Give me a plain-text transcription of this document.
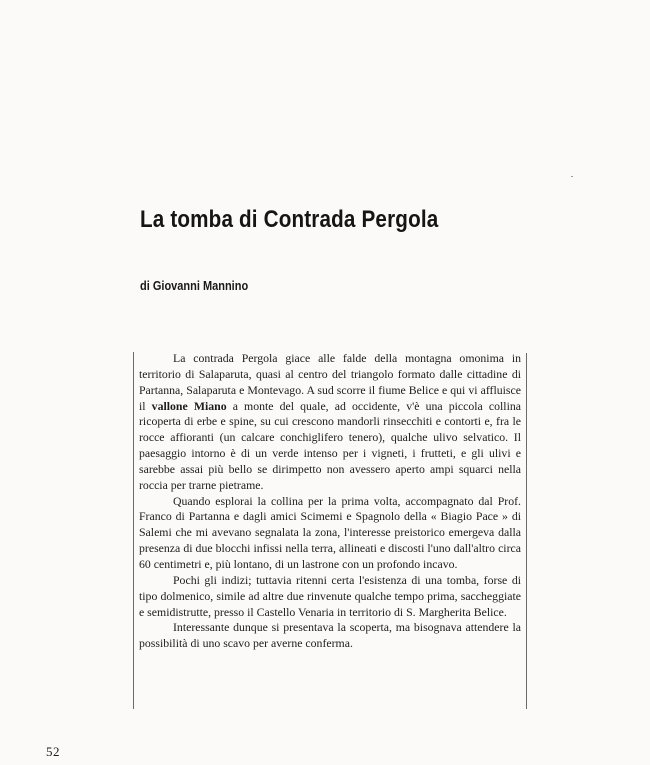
La tomba di Contrada Pergola
di Giovanni Mannino

La contrada Pergola giace alle falde della montagna omonima in territorio di Salaparuta, quasi al centro del triangolo formato dalle cittadine di Partanna, Salaparuta e Montevago. A sud scorre il fiume Belice e qui vi affluisce il vallone Miano a monte del quale, ad occidente, v'è una piccola collina ricoperta di erbe e spine, su cui crescono mandorli rinsecchiti e contorti e, fra le rocce affioranti (un calcare conchiglifero tenero), qualche ulivo selvatico. Il paesaggio intorno è di un verde intenso per i vigneti, i frutteti, e gli ulivi e sarebbe assai più bello se dirimpetto non avessero aperto ampi squarci nella roccia per trarne pietrame.

Quando esplorai la collina per la prima volta, accompagnato dal Prof. Franco di Partanna e dagli amici Scimemi e Spagnolo della « Biagio Pace » di Salemi che mi avevano segnalata la zona, l'interesse preistorico emergeva dalla presenza di due blocchi infissi nella terra, allineati e discosti l'uno dall'altro circa 60 centimetri e, più lontano, di un lastrone con un profondo incavo.

Pochi gli indizi; tuttavia ritenni certa l'esistenza di una tomba, forse di tipo dolmenico, simile ad altre due rinvenute qualche tempo prima, saccheggiate e semidistrutte, presso il Castello Venaria in territorio di S. Margherita Belice.

Interessante dunque si presentava la scoperta, ma bisognava attendere la possibilità di uno scavo per averne conferma.

52
